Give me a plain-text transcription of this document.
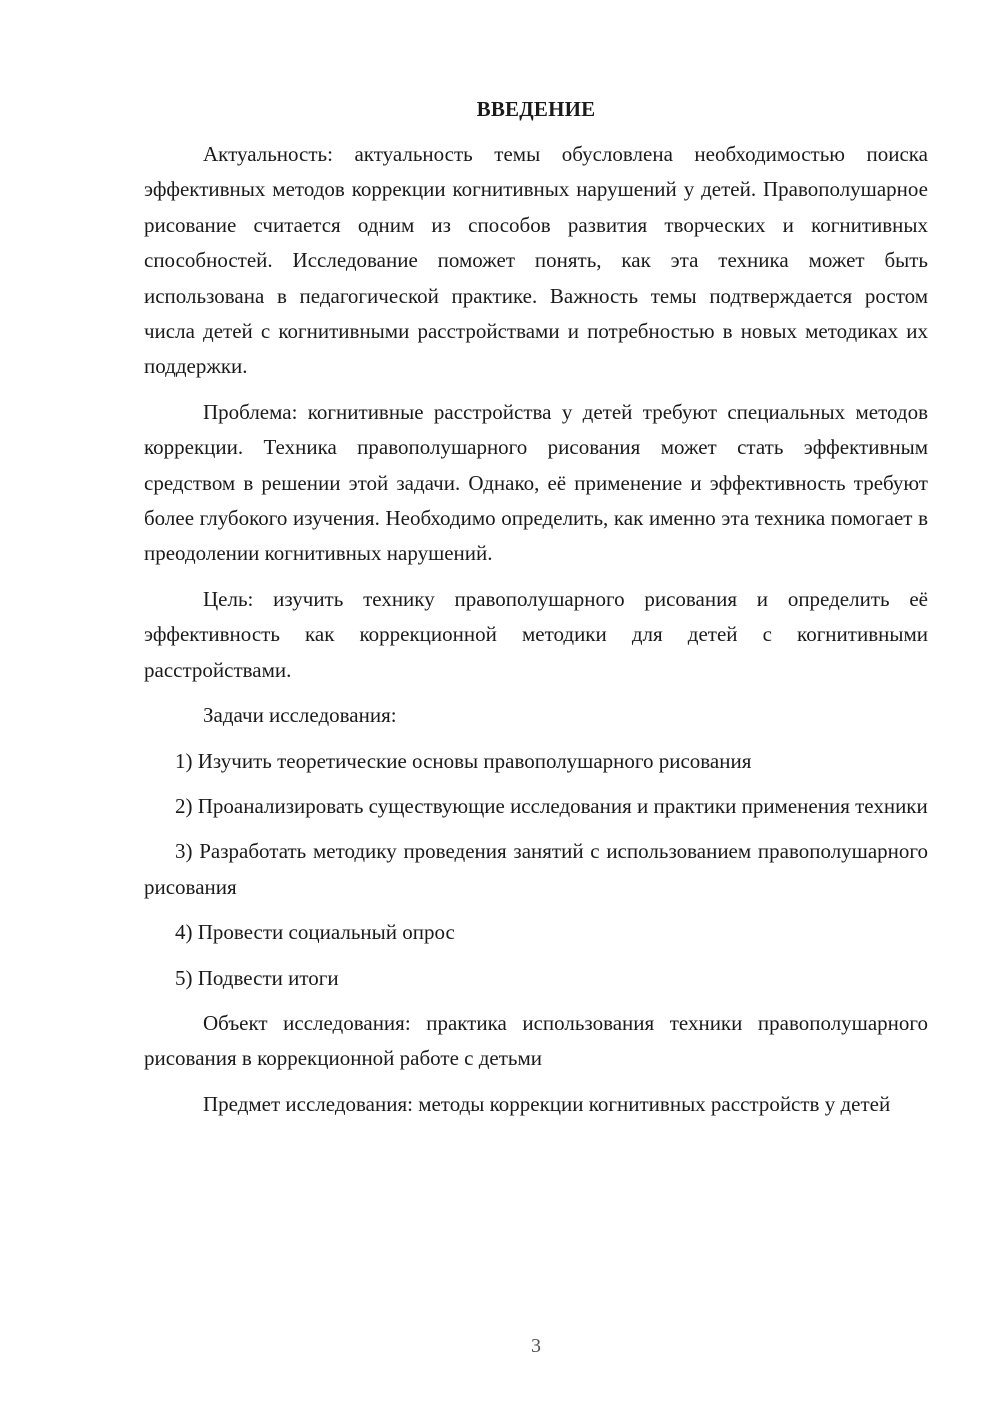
ВВЕДЕНИЕ

Актуальность: актуальность темы обусловлена необходимостью поиска эффективных методов коррекции когнитивных нарушений у детей. Правополушарное рисование считается одним из способов развития творческих и когнитивных способностей. Исследование поможет понять, как эта техника может быть использована в педагогической практике. Важность темы подтверждается ростом числа детей с когнитивными расстройствами и потребностью в новых методиках их поддержки.

Проблема: когнитивные расстройства у детей требуют специальных методов коррекции. Техника правополушарного рисования может стать эффективным средством в решении этой задачи. Однако, её применение и эффективность требуют более глубокого изучения. Необходимо определить, как именно эта техника помогает в преодолении когнитивных нарушений.

Цель: изучить технику правополушарного рисования и определить её эффективность как коррекционной методики для детей с когнитивными расстройствами.

Задачи исследования:

1) Изучить теоретические основы правополушарного рисования

2) Проанализировать существующие исследования и практики применения техники

3) Разработать методику проведения занятий с использованием правополушарного рисования

4) Провести социальный опрос

5) Подвести итоги

Объект исследования: практика использования техники правополушарного рисования в коррекционной работе с детьми

Предмет исследования: методы коррекции когнитивных расстройств у детей

3
